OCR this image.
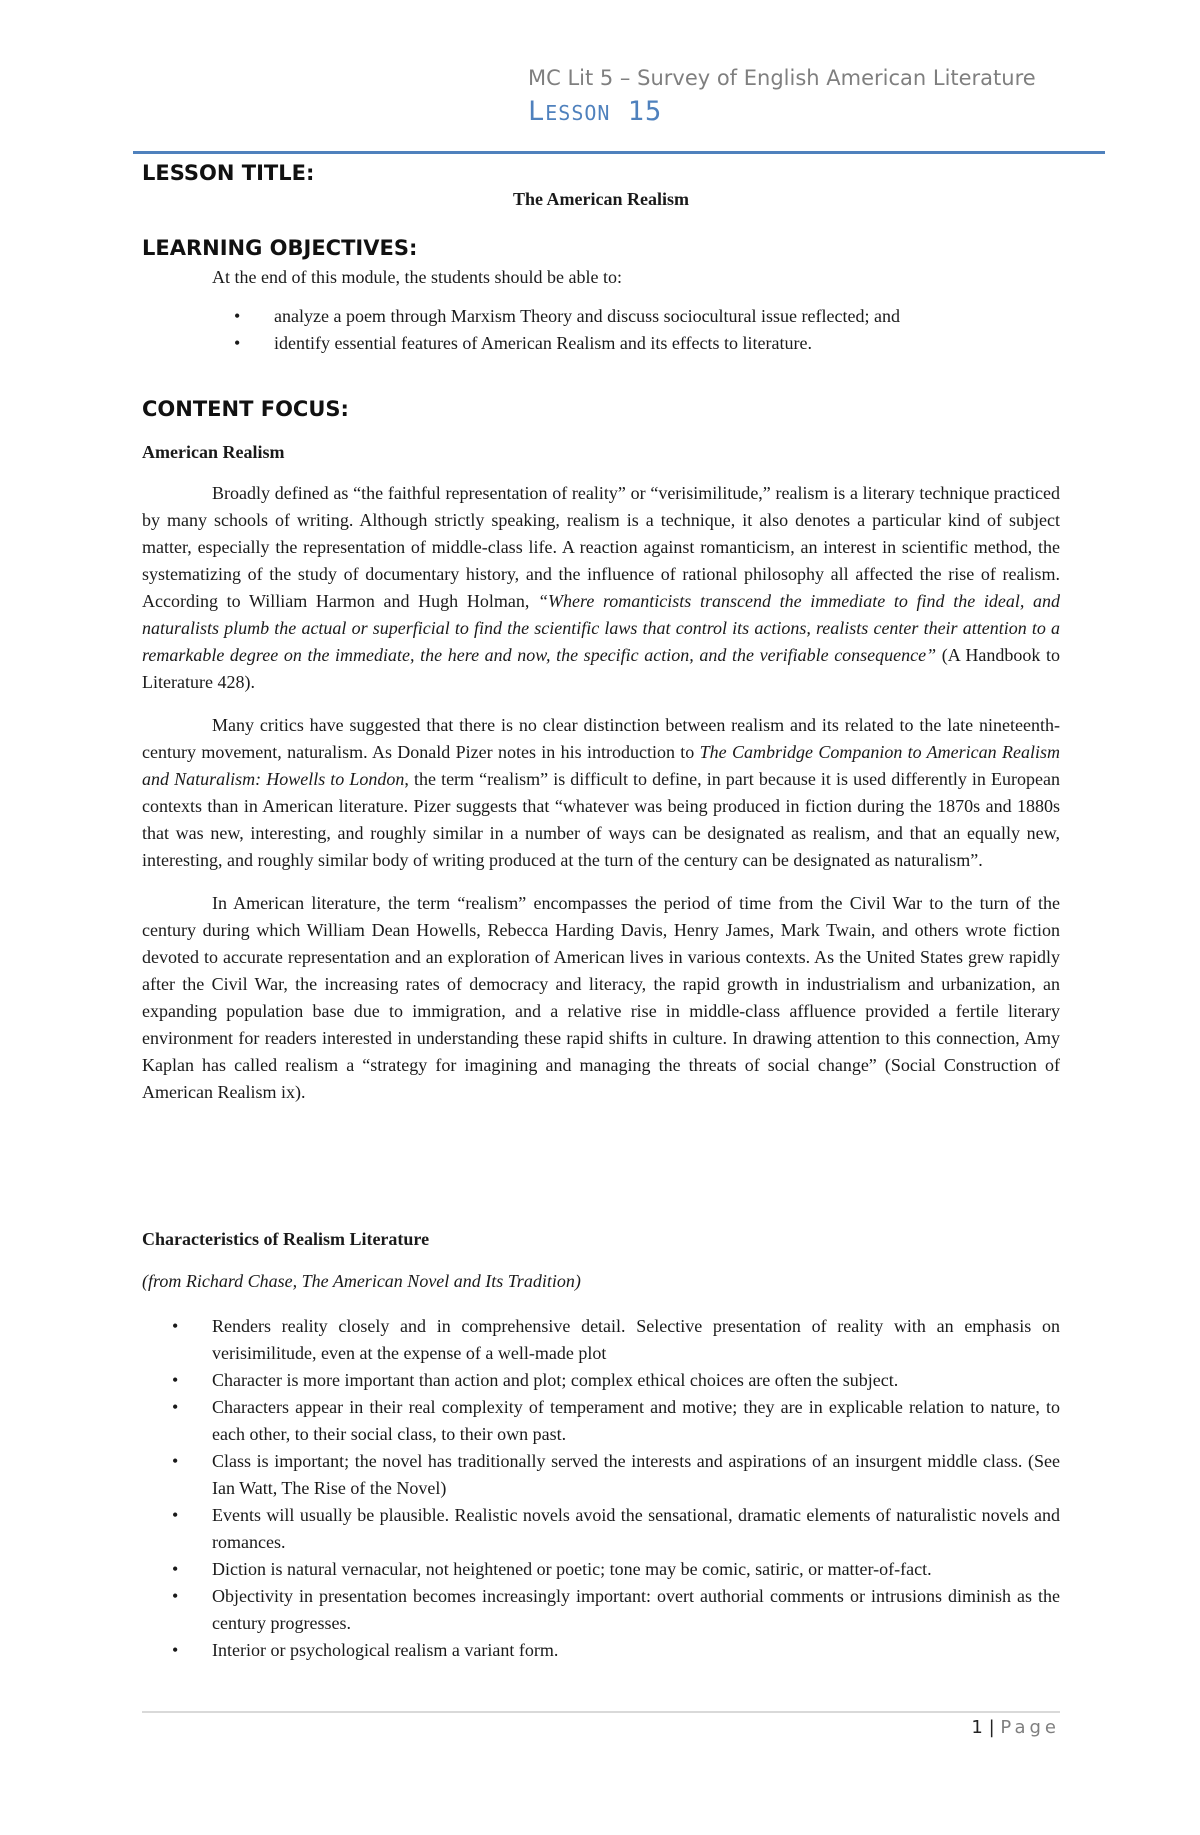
MC Lit 5 – Survey of English American Literature
LESSON 15
LESSON TITLE:
The American Realism
LEARNING OBJECTIVES:
At the end of this module, the students should be able to:
• analyze a poem through Marxism Theory and discuss sociocultural issue reflected; and
• identify essential features of American Realism and its effects to literature.
CONTENT FOCUS:
American Realism

Broadly defined as “the faithful representation of reality” or “verisimilitude,” realism is a literary technique practiced by many schools of writing. Although strictly speaking, realism is a technique, it also denotes a particular kind of subject matter, especially the representation of middle-class life. A reaction against romanticism, an interest in scientific method, the systematizing of the study of documentary history, and the influence of rational philosophy all affected the rise of realism. According to William Harmon and Hugh Holman, “Where romanticists transcend the immediate to find the ideal, and naturalists plumb the actual or superficial to find the scientific laws that control its actions, realists center their attention to a remarkable degree on the immediate, the here and now, the specific action, and the verifiable consequence” (A Handbook to Literature 428).

Many critics have suggested that there is no clear distinction between realism and its related to the late nineteenth-century movement, naturalism. As Donald Pizer notes in his introduction to The Cambridge Companion to American Realism and Naturalism: Howells to London, the term “realism” is difficult to define, in part because it is used differently in European contexts than in American literature. Pizer suggests that “whatever was being produced in fiction during the 1870s and 1880s that was new, interesting, and roughly similar in a number of ways can be designated as realism, and that an equally new, interesting, and roughly similar body of writing produced at the turn of the century can be designated as naturalism”.

In American literature, the term “realism” encompasses the period of time from the Civil War to the turn of the century during which William Dean Howells, Rebecca Harding Davis, Henry James, Mark Twain, and others wrote fiction devoted to accurate representation and an exploration of American lives in various contexts. As the United States grew rapidly after the Civil War, the increasing rates of democracy and literacy, the rapid growth in industrialism and urbanization, an expanding population base due to immigration, and a relative rise in middle-class affluence provided a fertile literary environment for readers interested in understanding these rapid shifts in culture. In drawing attention to this connection, Amy Kaplan has called realism a “strategy for imagining and managing the threats of social change” (Social Construction of American Realism ix).

Characteristics of Realism Literature
(from Richard Chase, The American Novel and Its Tradition)
• Renders reality closely and in comprehensive detail. Selective presentation of reality with an emphasis on verisimilitude, even at the expense of a well-made plot
• Character is more important than action and plot; complex ethical choices are often the subject.
• Characters appear in their real complexity of temperament and motive; they are in explicable relation to nature, to each other, to their social class, to their own past.
• Class is important; the novel has traditionally served the interests and aspirations of an insurgent middle class. (See Ian Watt, The Rise of the Novel)
• Events will usually be plausible. Realistic novels avoid the sensational, dramatic elements of naturalistic novels and romances.
• Diction is natural vernacular, not heightened or poetic; tone may be comic, satiric, or matter-of-fact.
• Objectivity in presentation becomes increasingly important: overt authorial comments or intrusions diminish as the century progresses.
• Interior or psychological realism a variant form.
1 | Page
